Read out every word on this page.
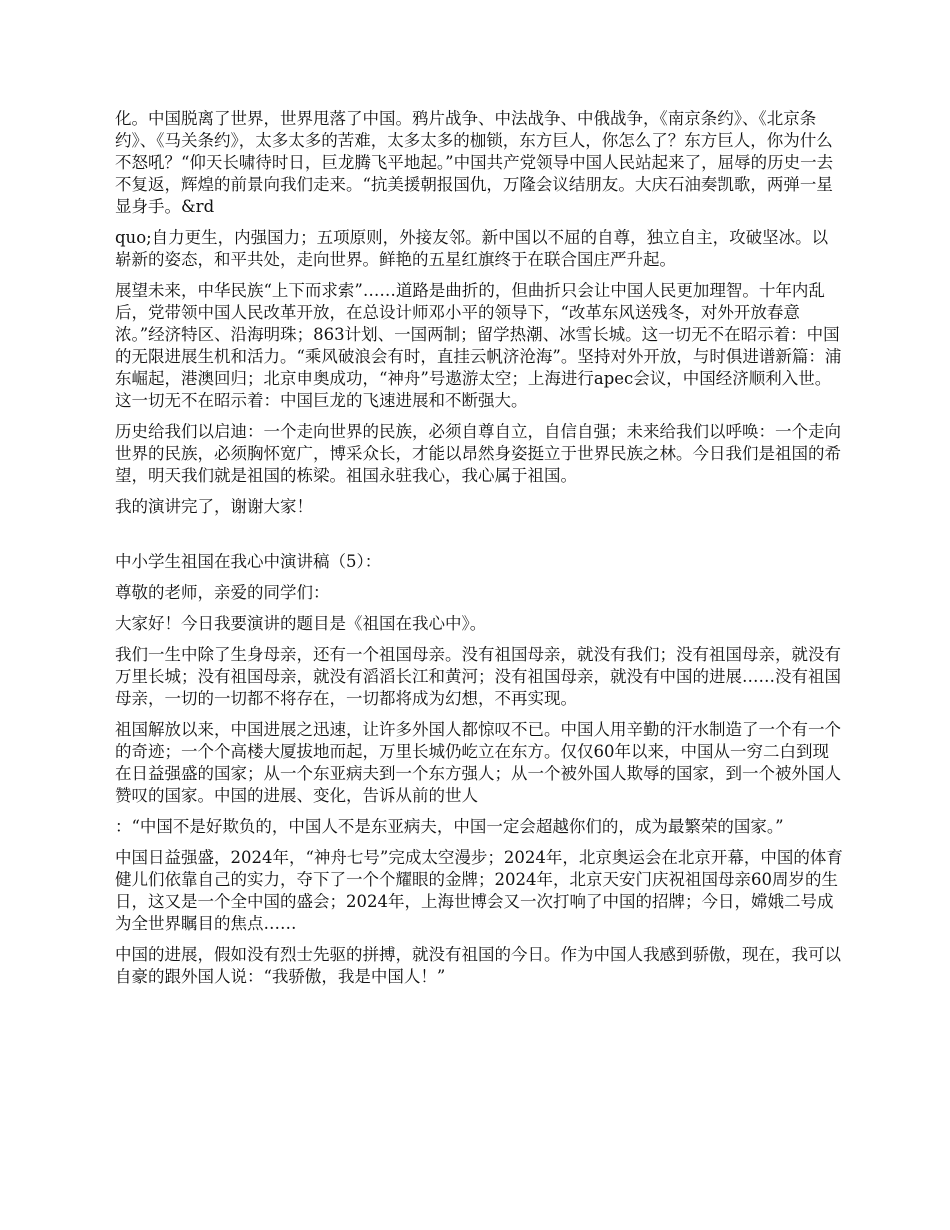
化。中国脱离了世界，世界甩落了中国。鸦片战争、中法战争、中俄战争，《南京条约》、《北京条约》、《马关条约》，太多太多的苦难，太多太多的枷锁，东方巨人，你怎么了？东方巨人，你为什么不怒吼？“仰天长啸待时日，巨龙腾飞平地起。”中国共产党领导中国人民站起来了，屈辱的历史一去不复返，辉煌的前景向我们走来。“抗美援朝报国仇，万隆会议结朋友。大庆石油奏凯歌，两弹一星显身手。&rd

quo;自力更生，内强国力；五项原则，外接友邻。新中国以不屈的自尊，独立自主，攻破坚冰。以崭新的姿态，和平共处，走向世界。鲜艳的五星红旗终于在联合国庄严升起。

展望未来，中华民族“上下而求索”……道路是曲折的，但曲折只会让中国人民更加理智。十年内乱后，党带领中国人民改革开放，在总设计师邓小平的领导下，“改革东风送残冬，对外开放春意浓。”经济特区、沿海明珠；863计划、一国两制；留学热潮、冰雪长城。这一切无不在昭示着：中国的无限进展生机和活力。“乘风破浪会有时，直挂云帆济沧海”。坚持对外开放，与时俱进谱新篇：浦东崛起，港澳回归；北京申奥成功，“神舟”号遨游太空；上海进行apec会议，中国经济顺利入世。这一切无不在昭示着：中国巨龙的飞速进展和不断强大。

历史给我们以启迪：一个走向世界的民族，必须自尊自立，自信自强；未来给我们以呼唤：一个走向世界的民族，必须胸怀宽广，博采众长，才能以昂然身姿挺立于世界民族之林。今日我们是祖国的希望，明天我们就是祖国的栋梁。祖国永驻我心，我心属于祖国。

我的演讲完了，谢谢大家！

中小学生祖国在我心中演讲稿（5）：

尊敬的老师，亲爱的同学们：

大家好！今日我要演讲的题目是《祖国在我心中》。

我们一生中除了生身母亲，还有一个祖国母亲。没有祖国母亲，就没有我们；没有祖国母亲，就没有万里长城；没有祖国母亲，就没有滔滔长江和黄河；没有祖国母亲，就没有中国的进展……没有祖国母亲，一切的一切都不将存在，一切都将成为幻想，不再实现。

祖国解放以来，中国进展之迅速，让许多外国人都惊叹不已。中国人用辛勤的汗水制造了一个有一个的奇迹；一个个高楼大厦拔地而起，万里长城仍屹立在东方。仅仅60年以来，中国从一穷二白到现在日益强盛的国家；从一个东亚病夫到一个东方强人；从一个被外国人欺辱的国家，到一个被外国人赞叹的国家。中国的进展、变化，告诉从前的世人

：“中国不是好欺负的，中国人不是东亚病夫，中国一定会超越你们的，成为最繁荣的国家。”

中国日益强盛，2024年，“神舟七号”完成太空漫步；2024年，北京奥运会在北京开幕，中国的体育健儿们依靠自己的实力，夺下了一个个耀眼的金牌；2024年，北京天安门庆祝祖国母亲60周岁的生日，这又是一个全中国的盛会；2024年，上海世博会又一次打响了中国的招牌；今日，嫦娥二号成为全世界瞩目的焦点……

中国的进展，假如没有烈士先驱的拼搏，就没有祖国的今日。作为中国人我感到骄傲，现在，我可以自豪的跟外国人说：“我骄傲，我是中国人！”
